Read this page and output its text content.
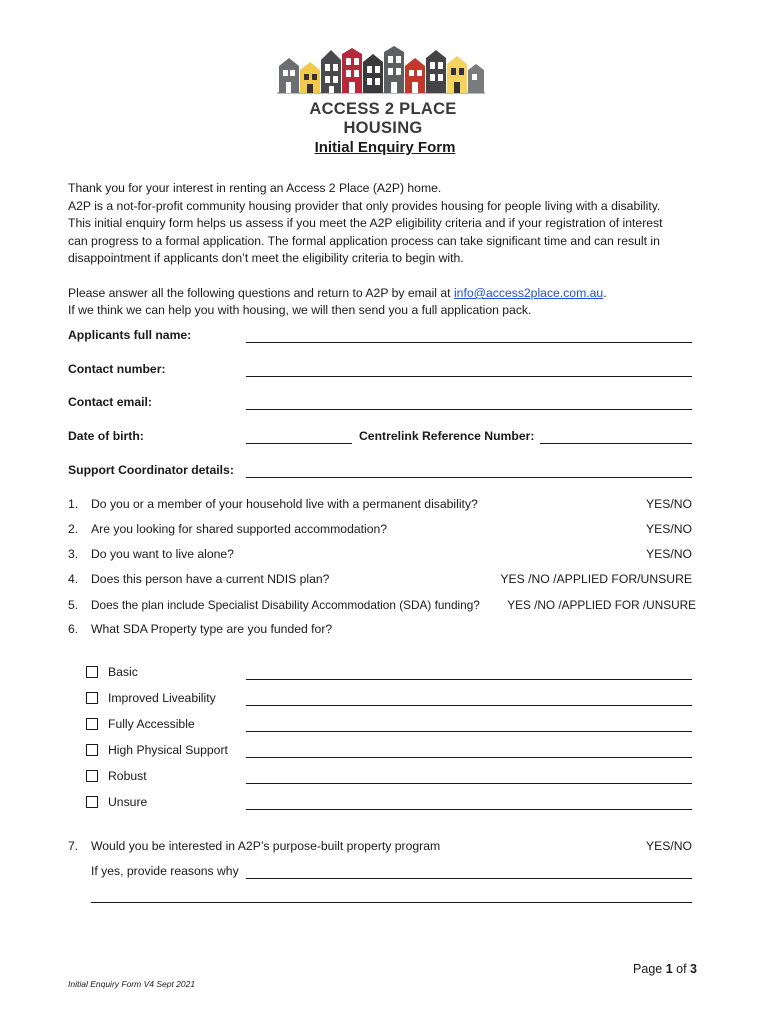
ACCESS 2 PLACE HOUSING
Initial Enquiry Form
Thank you for your interest in renting an Access 2 Place (A2P) home.
A2P is a not-for-profit community housing provider that only provides housing for people living with a disability.
This initial enquiry form helps us assess if you meet the A2P eligibility criteria and if your registration of interest
can progress to a formal application. The formal application process can take significant time and can result in
disappointment if applicants don’t meet the eligibility criteria to begin with.
Please answer all the following questions and return to A2P by email at info@access2place.com.au.
If we think we can help you with housing, we will then send you a full application pack.
Applicants full name:
Contact number:
Contact email:
Date of birth:	Centrelink Reference Number:
Support Coordinator details:
1. Do you or a member of your household live with a permanent disability?	YES/NO
2. Are you looking for shared supported accommodation?	YES/NO
3. Do you want to live alone?	YES/NO
4. Does this person have a current NDIS plan?	YES /NO /APPLIED FOR/UNSURE
5. Does the plan include Specialist Disability Accommodation (SDA) funding? YES /NO /APPLIED FOR /UNSURE
6. What SDA Property type are you funded for?
Basic
Improved Liveability
Fully Accessible
High Physical Support
Robust
Unsure
7. Would you be interested in A2P’s purpose-built property program	YES/NO
If yes, provide reasons why
Page 1 of 3
Initial Enquiry Form V4 Sept 2021
